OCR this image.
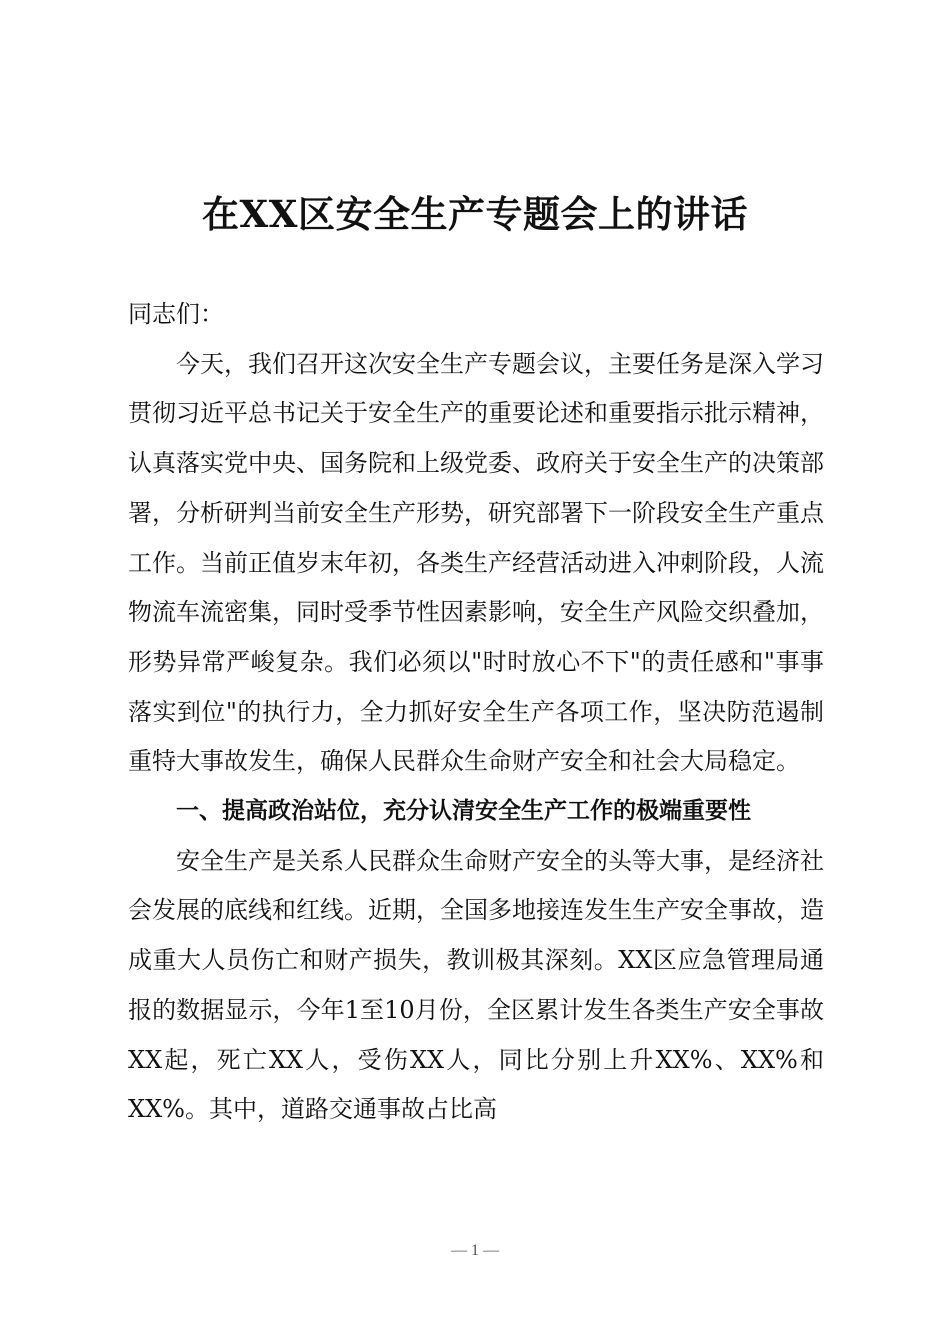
在XX区安全生产专题会上的讲话

同志们：

今天，我们召开这次安全生产专题会议，主要任务是深入学习贯彻习近平总书记关于安全生产的重要论述和重要指示批示精神，认真落实党中央、国务院和上级党委、政府关于安全生产的决策部署，分析研判当前安全生产形势，研究部署下一阶段安全生产重点工作。当前正值岁末年初，各类生产经营活动进入冲刺阶段，人流物流车流密集，同时受季节性因素影响，安全生产风险交织叠加，形势异常严峻复杂。我们必须以"时时放心不下"的责任感和"事事落实到位"的执行力，全力抓好安全生产各项工作，坚决防范遏制重特大事故发生，确保人民群众生命财产安全和社会大局稳定。

一、提高政治站位，充分认清安全生产工作的极端重要性

安全生产是关系人民群众生命财产安全的头等大事，是经济社会发展的底线和红线。近期，全国多地接连发生生产安全事故，造成重大人员伤亡和财产损失，教训极其深刻。XX区应急管理局通报的数据显示，今年1至10月份，全区累计发生各类生产安全事故XX起，死亡XX人，受伤XX人，同比分别上升XX%、XX%和XX%。其中，道路交通事故占比高

— 1 —
